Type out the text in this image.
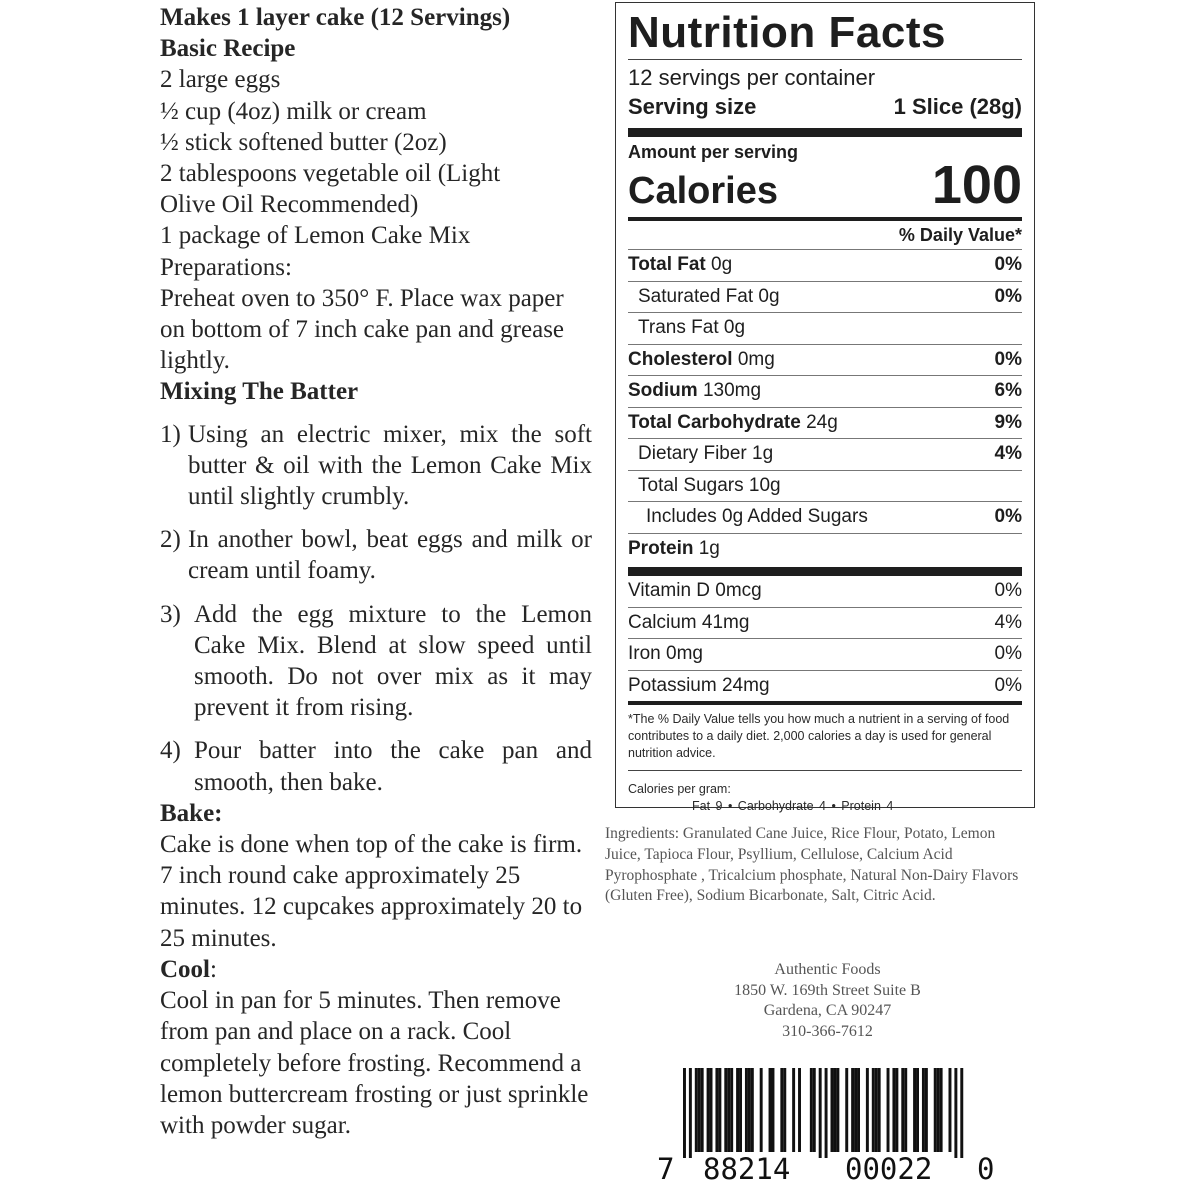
Makes 1 layer cake (12 Servings)

Basic Recipe

2 large eggs

½ cup (4oz) milk or cream

½ stick softened butter (2oz)

2 tablespoons vegetable oil (Light

Olive Oil Recommended)

1 package of Lemon Cake Mix

Preparations:

Preheat oven to 350° F. Place wax paper on bottom of 7 inch cake pan and grease lightly.

Mixing The Batter

1) Using an electric mixer, mix the soft butter & oil with the Lemon Cake Mix until slightly crumbly.
2) In another bowl, beat eggs and milk or cream until foamy.
3) Add the egg mixture to the Lemon Cake Mix. Blend at slow speed until smooth. Do not over mix as it may prevent it from rising.
4) Pour batter into the cake pan and smooth, then bake.

Bake:

Cake is done when top of the cake is firm. 7 inch round cake approximately 25 minutes. 12 cupcakes approximately 20 to 25 minutes.

Cool:

Cool in pan for 5 minutes. Then remove from pan and place on a rack. Cool completely before frosting. Recommend a lemon buttercream frosting or just sprinkle with powder sugar.

Nutrition Facts
12 servings per container
Serving size	1 Slice (28g)
Amount per serving
Calories	100
% Daily Value*
Total Fat 0g	0%
Saturated Fat 0g	0%
Trans Fat 0g
Cholesterol 0mg	0%
Sodium 130mg	6%
Total Carbohydrate 24g	9%
Dietary Fiber 1g	4%
Total Sugars 10g
Includes 0g Added Sugars	0%
Protein 1g
Vitamin D 0mcg	0%
Calcium 41mg	4%
Iron 0mg	0%
Potassium 24mg	0%
*The % Daily Value tells you how much a nutrient in a serving of food contributes to a daily diet. 2,000 calories a day is used for general nutrition advice.
Calories per gram:
Fat 9 • Carbohydrate 4 • Protein 4
Ingredients: Granulated Cane Juice, Rice Flour, Potato, Lemon Juice, Tapioca Flour, Psyllium, Cellulose, Calcium Acid Pyrophosphate , Tricalcium phosphate, Natural Non-Dairy Flavors (Gluten Free), Sodium Bicarbonate, Salt, Citric Acid.
Authentic Foods
1850 W. 169th Street Suite B
Gardena, CA 90247
310-366-7612
7 88214 00022 0
